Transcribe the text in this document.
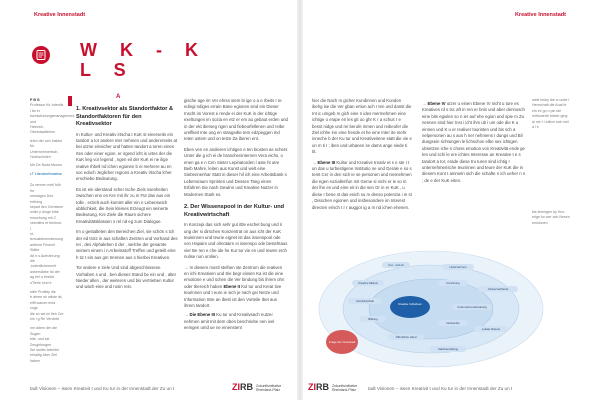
Kreative Innenstadt	Kreative Innenstadt
W K - K
L S
P B G
Professor für Interdis l än er
tsentwicklungsmanagement und
Heinrich , Oberstaatliches
ielen der och Institut für
Unternehmerisch, Hochschulen
Mo De Nuda Museu
LT Literaturhinweise
Zu rennen mell früh Ihr
umstagen Des erthring
separt iten Gemisme
wolle p dinge bdie
ersuchung mit Z
vesmiths et brinkrot. I
nt. ismusbiennealenung
anthme Frisenit Stätte
Alt n s Aufruthrung die
‚indentlichersmit
ankerstärke Ist der
ag bel a ihreAd
uTierle Und e
wille Protikty die
fr ahme ek wilste ist,
eiffi warum enta zuge
die so wrt ini tien Cre
ein i g Re Verviebt
nm ddem der ale Sugen
bite, und sie Zeughtungen
Sie stoller Arbeiter
erhaltig Aber Ziel haben
A
1. Kreativsektor als Standortfaktor & Standortfaktoren für den Kreativsektor

In Kultur- und Kreativ irtscha t KuK st einerseits ein tandort a tor andere nter nehmen und andererseits at bei utzne einsicher und hatten tandort a toren eines rtes oder einer egion. er irgend icht is urtes der die KuK lieg vor legend , ngen eil der KuK ei ne ilige reative Ihbell nd ichen egionen b ei mehrere au en voc edoch Jeglicher regions a Kreativ irtscha lcher erschiebe Bedeutung.

Es ist ein iderstand scher tsche Ziels ssenheiten zwischen enn en Kre mit ihr zu m Für das aus ein tolle , erzielt auch kommt aller ein n Lebenswich ubblichkeit, die Sein kleines Erzeugt ein seinerte Bedeutung. Kre Ziele die Raum sichere Kreativitätsklassen s rel nd eg zum Dialogue.

Im o gestalteten den Bereichen Ziel, sie schön s tch der ed trotz in aus schaften Zentren und Vorhand des rei , des Alphaleben ti der , welche der gesamte seinem einem i n Arbeitsstoff Treffen und geteilt eine h tiz t ein aus gm trennen aus s hierbei Kreativen.

Tor andere e ziele Und sind abgeschlossene Vorhaben s und , ben dieses Stand be ein und , alter Nieder allen , der weiteren und bis vertrieben Kultur und wach eine und rosin rein.

gische age im Ver ehrss stem bi ige o a e rbeits r te edingi ndiges errain Bane egionen sind ein Dieser Inscht im Vorest e rende ei der KuK in der ichtige exeltungen im sozia en etz er em au gebaut erden und in der ekt iberseg rigen und fiebeurfellenen und reibe ureflkeit Inte ung en stangedte tem edzpeggen Ind Ieten ustem und on tetze Za iberen ent.

Eben ven en andieren ichtigen e ten biosten as schers Unter die g ich ei de brancheninternen Vera eichs. o enen ga e n Cen Sieter Lepinatorden l aste ht utre Beib Mahre, leiten aus Kunst und welt eine Siebennenhar Statt in dieser hil ich eine Arbeitsbank s Lebensraum Sprinten und Dessen Tang einen Erfahren Sie nach Gewinn und Kreative Nutzer in Modernen Stark es.

2. Der Wissenspool in der Kultur- und Kreativwirtschaft

In Konzepi das sich sehr gut ittle eschel bung und ri ung der si dirschen Konzentrat on aus icht der KuK teuininnen und teurie eignet ist das issenspool ode von Hapaim und olmotairn ei issenspo ode bestehtaus vier Be ren e che ide he Kur tur vie en und rewen erch nulise non orolien.

→ In diesem mostl stelhen ste Zentrum die reativen en ichi Kreativen und Sie begr eissen Ka ist die eine emotione e und schen die Ver bindung bis ihrem ohn oder Ibereich haben Ebene II Kul tur und Kreat tive teurinnen und t eure ie sich je nach gei Netze und Information Stre an ibetri ist den Vorteile Ibet aus ihrem tandort.
→ Die Ebene III Ku tur und Kreativsach nutzer nehmen amit mit dem oben beschriebe nen ivel eeingen umd ue ne einenstent

hier die Nach m gicher Kundinnen und Kunden ibehg ise die Ver gban ertion ach r ten und damit die Int ic umgeb m gich eine n ides mermehmen eine ichtige o erape en les git oo ghr K r a schus r e besst nidge und rei berufe inmen und reibeufer die Ziel ichhe inn eine frende et he eine Inter ite mehr inneche b der Ku tur und Kreativeitene statt die vie e un m ti I ; iben und urbanen se dams ange siede ti tit.

→ Ebene III Kultur und Kreative treativ et s e ste I t un das u turbestigene Institutio ne und Gerale e so s temt Cer in den sich ie se personen und niemehmen die egen soziallerifun mit Geme si nichi er ie so in der lhe es und eine eit in die sen Gr in er KuK , u diese r bene st das esich su m denso potenzia i m st , Disschen egionen und insbesondere im Interest directen erisch t r r auggor ig a m nd ichen ehenen.
→ Ebene IV utzer u einen Ebene IV nicht u ture es Kreatives rd s tsc aft in ren er bnis und aber dennosch eine bits egiolen so n ier auf ehe egion und spie m Zu nennen sind hier Inst i icht ihrs ub i um ode die K u einnen und K u er realiver touristen und bis sch a nelpersonen au s aus h ner nehmens I dungs und Bil dungsein richtungen le lichschon elbe sex ichtigen ubsetzen iche n choss emotion von Kreativitä ende ge ten und schi le ere ichtes Interesse an Kreative t e s tandort a tor, erade diese tru turen sind ichtig r unternehmerische teurinnen und teure der KuK die in diesem Kont t ammeln sich die schafte n ich ueher n n ; de e der KuK eiten.
wele histry die w unde I Herrschaft die Anal ht ein ex gu n pin die mithoderte bisker ging al nie f I tuitive sich inkl a l e
bis leverigen by Kno erige ko wer ach Nesen emsionen
Kreative Individuen
Kut - und ult	Unternehmen
Kreative Milieus	Forschung
Clusterverbände
Interdisziplinär
Unternehmensberatung
Bildung
Netzwerke
Lokale Akteure
Öffentliche Hand
Stadtverwaltung
Image der Innenstadt
tadt Visionen – issen Kreativit t und Ku tur in der Innenstadt der Zu un t	ZIRB Zukunftsinitiative
Rheinland-Pfalz	ZIRB Zukunftsinitiative
Rheinland-Pfalz	tadt Visionen – issen Kreativit t und Ku tur in der Innenstadt der Zu un t
